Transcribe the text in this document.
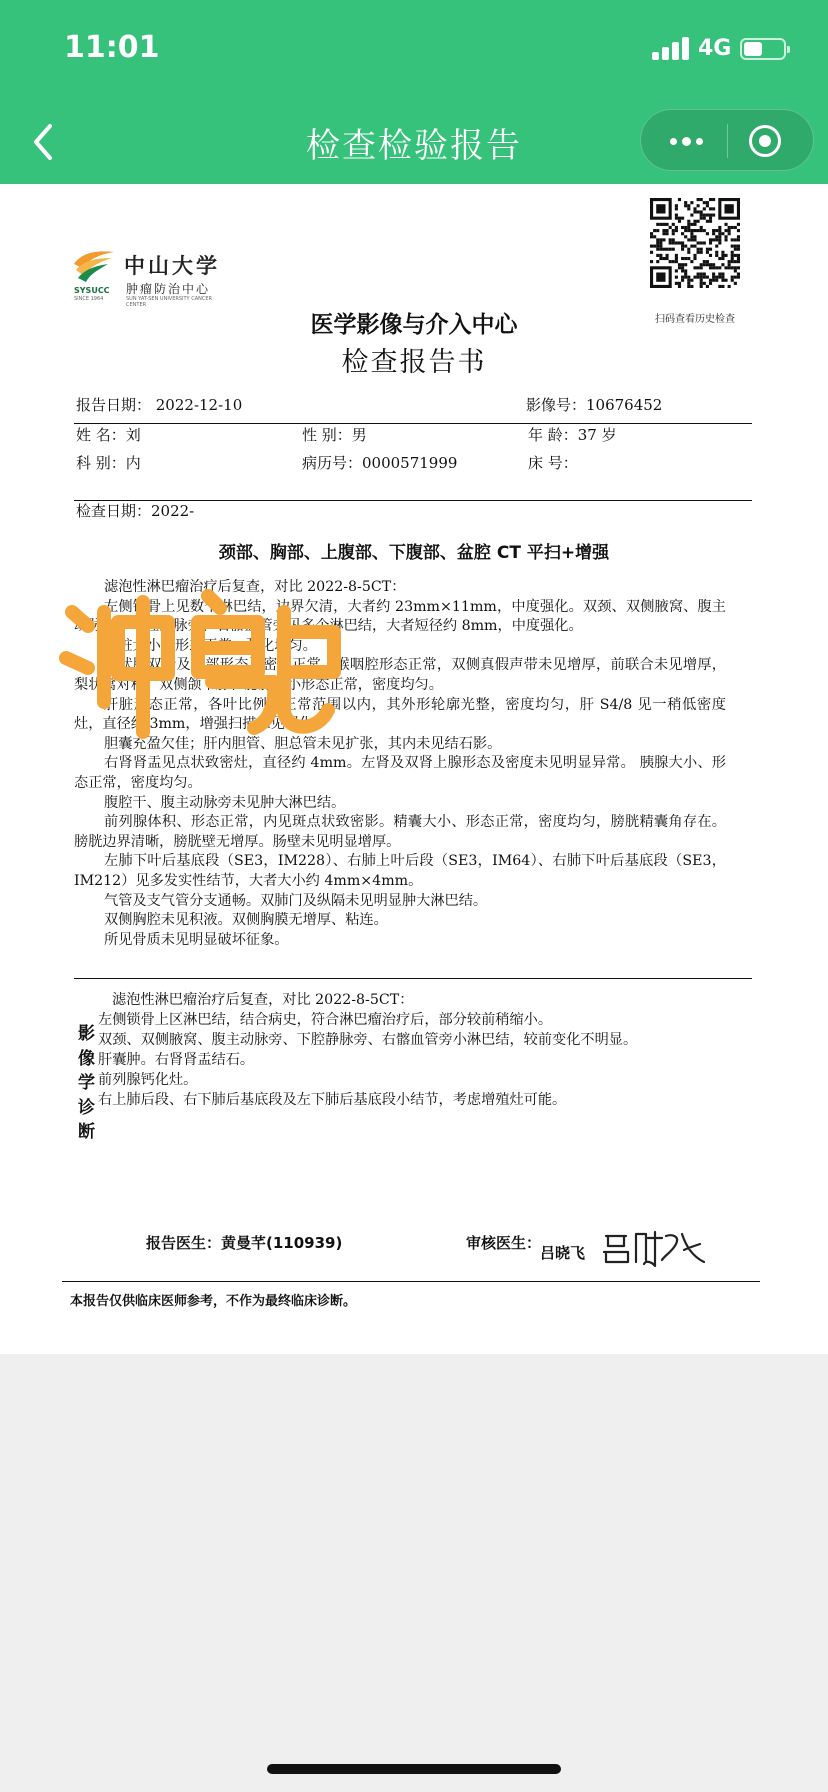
11:01	4G
检查检验报告
SYSUCC
中山大学
肿瘤防治中心
SUN YAT-SEN UNIVERSITY CANCER CENTER
SINCE 1964
扫码查看历史检查
医学影像与介入中心
检查报告书
报告日期： 2022-12-10	影像号：10676452
姓 名：刘	性 别：男	年 龄：37 岁
科 别：内	病历号：0000571999	床 号：
检查日期：2022-
颈部、胸部、上腹部、下腹部、盆腔 CT 平扫+增强

滤泡性淋巴瘤治疗后复查，对比 2022-8-5CT：

左侧锁骨上见数个淋巴结，边界欠清，大者约 23mm×11mm，中度强化。双颈、双侧腋窝、腹主动脉旁、下腔静脉旁、右髂血管旁见多个淋巴结，大者短径约 8mm，中度强化。

脾脏大小、形态正常，强化均匀。

甲状腺双叶及峡部形态及密度正常。喉咽腔形态正常，双侧真假声带未见增厚，前联合未见增厚，梨状窝对称。双侧颌下腺、腮腺大小形态正常，密度均匀。

肝脏形态正常，各叶比例在正常范围以内，其外形轮廓光整，密度均匀，肝 S4/8 见一稍低密度灶，直径约 3mm，增强扫描未见强化。

胆囊充盈欠佳；肝内胆管、胆总管未见扩张，其内未见结石影。

右肾肾盂见点状致密灶，直径约 4mm。左肾及双肾上腺形态及密度未见明显异常。 胰腺大小、形态正常，密度均匀。

腹腔干、腹主动脉旁未见肿大淋巴结。

前列腺体积、形态正常，内见斑点状致密影。精囊大小、形态正常，密度均匀，膀胱精囊角存在。膀胱边界清晰，膀胱壁无增厚。肠壁未见明显增厚。

左肺下叶后基底段（SE3，IM228）、右肺上叶后段（SE3，IM64）、右肺下叶后基底段（SE3，IM212）见多发实性结节，大者大小约 4mm×4mm。

气管及支气管分支通畅。双肺门及纵隔未见明显肿大淋巴结。

双侧胸腔未见积液。双侧胸膜无增厚、粘连。

所见骨质未见明显破坏征象。

影
像
学
诊
断

滤泡性淋巴瘤治疗后复查，对比 2022-8-5CT：

左侧锁骨上区淋巴结，结合病史，符合淋巴瘤治疗后，部分较前稍缩小。

双颈、双侧腋窝、腹主动脉旁、下腔静脉旁、右髂血管旁小淋巴结，较前变化不明显。

肝囊肿。右肾肾盂结石。

前列腺钙化灶。

右上肺后段、右下肺后基底段及左下肺后基底段小结节，考虑增殖灶可能。

报告医生：黄曼芊(110939)	审核医生：
吕晓飞
本报告仅供临床医师参考，不作为最终临床诊断。
